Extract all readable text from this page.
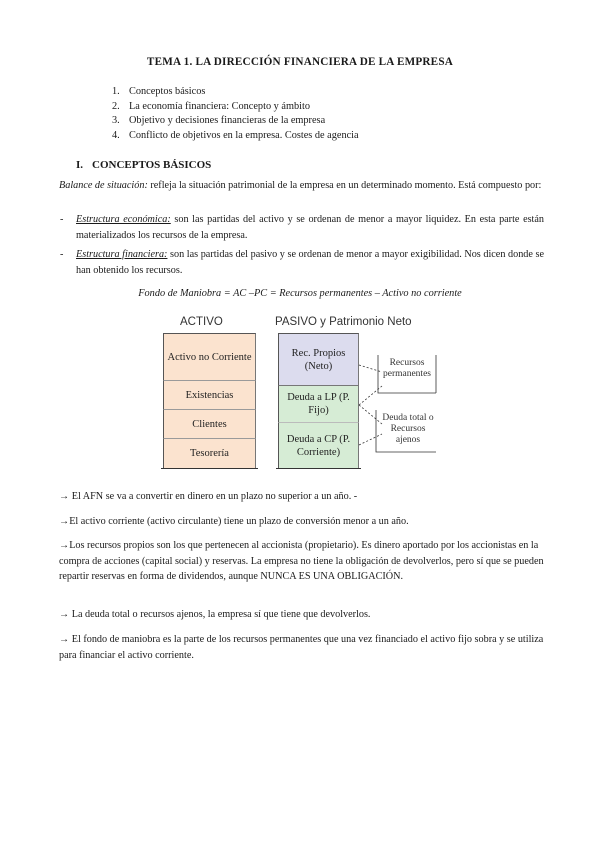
TEMA 1. LA DIRECCIÓN FINANCIERA DE LA EMPRESA
1. Conceptos básicos
2. La economía financiera: Concepto y ámbito
3. Objetivo y decisiones financieras de la empresa
4. Conflicto de objetivos en la empresa. Costes de agencia
I. CONCEPTOS BÁSICOS
Balance de situación: refleja la situación patrimonial de la empresa en un determinado momento. Está compuesto por:
- Estructura económica: son las partidas del activo y se ordenan de menor a mayor liquidez. En esta parte están materializados los recursos de la empresa.
- Estructura financiera: son las partidas del pasivo y se ordenan de menor a mayor exigibilidad. Nos dicen donde se han obtenido los recursos.
Fondo de Maniobra = AC –PC = Recursos permanentes – Activo no corriente
ACTIVO	PASIVO y Patrimonio Neto
Activo no Corriente
Existencias
Clientes
Tesorería
Rec. Propios (Neto)
Deuda a LP (P. Fijo)
Deuda a CP (P. Corriente)
Recursos permanentes
Deuda total o Recursos ajenos

→ El AFN se va a convertir en dinero en un plazo no superior a un año. -

→El activo corriente (activo circulante) tiene un plazo de conversión menor a un año.

→Los recursos propios son los que pertenecen al accionista (propietario). Es dinero aportado por los accionistas en la compra de acciones (capital social) y reservas. La empresa no tiene la obligación de devolverlos, pero sí que se pueden repartir reservas en forma de dividendos, aunque NUNCA ES UNA OBLIGACIÓN.

→ La deuda total o recursos ajenos, la empresa sí que tiene que devolverlos.

→ El fondo de maniobra es la parte de los recursos permanentes que una vez financiado el activo fijo sobra y se utiliza para financiar el activo corriente.
